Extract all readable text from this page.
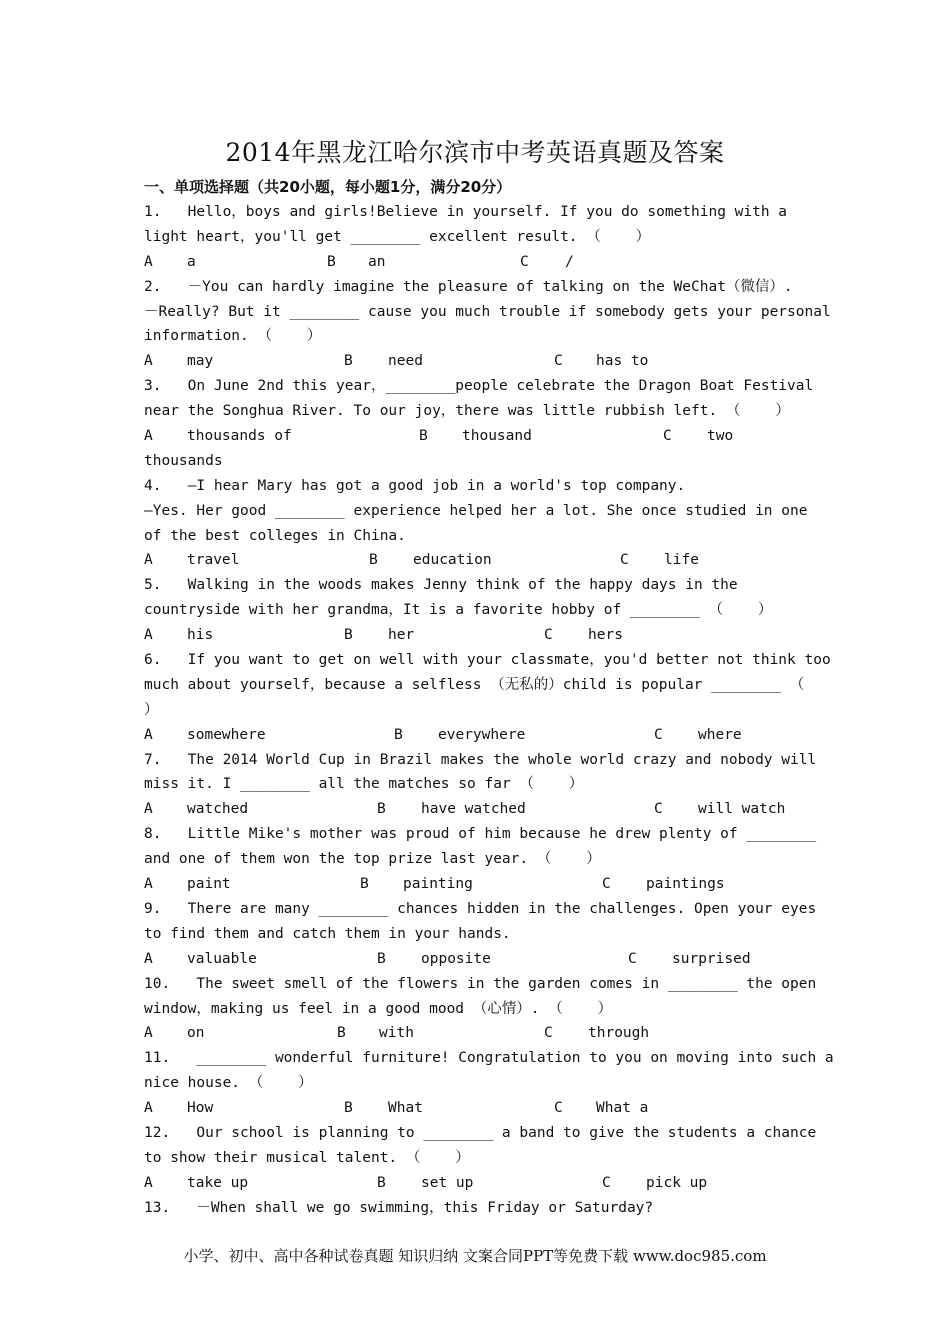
2014年黑龙江哈尔滨市中考英语真题及答案
一、单项选择题（共20小题，每小题1分，满分20分）
1.   Hello，boys and girls!Believe in yourself. If you do something with a
light heart，you'll get ________ excellent result. （    ）
A a	B an	C	/
2.   －You can hardly imagine the pleasure of talking on the WeChat（微信）.
－Really? But it ________ cause you much trouble if somebody gets your personal
information. （    ）
A may	B need	C has to
3.   On June 2nd this year，________people celebrate the Dragon Boat Festival
near the Songhua River. To our joy，there was little rubbish left. （    ）
A thousands of	B thousand	C two
thousands
4.   —I hear Mary has got a good job in a world's top company.
—Yes. Her good ________ experience helped her a lot. She once studied in one
of the best colleges in China.
A travel	B education	C life
5.   Walking in the woods makes Jenny think of the happy days in the
countryside with her grandma，It is a favorite hobby of ________ （    ）
A his	B her	C hers
6.   If you want to get on well with your classmate，you'd better not think too
much about yourself，because a selfless （无私的）child is popular ________ （
）
A somewhere	B everywhere	C where
7.   The 2014 World Cup in Brazil makes the whole world crazy and nobody will
miss it. I ________ all the matches so far （    ）
A watched	B have watched	C will watch
8.   Little Mike's mother was proud of him because he drew plenty of ________
and one of them won the top prize last year. （    ）
A paint	B painting	C paintings
9.   There are many ________ chances hidden in the challenges. Open your eyes
to find them and catch them in your hands.
A valuable	B opposite	C surprised
10.   The sweet smell of the flowers in the garden comes in ________ the open
window，making us feel in a good mood （心情）. （    ）
A on	B with	C through
11.   ________ wonderful furniture! Congratulation to you on moving into such a
nice house. （    ）
A How	B What	C What a
12.   Our school is planning to ________ a band to give the students a chance
to show their musical talent. （    ）
A take up	B set up	C pick up
13.   －When shall we go swimming，this Friday or Saturday?
小学、初中、高中各种试卷真题 知识归纳 文案合同PPT等免费下载 www.doc985.com
